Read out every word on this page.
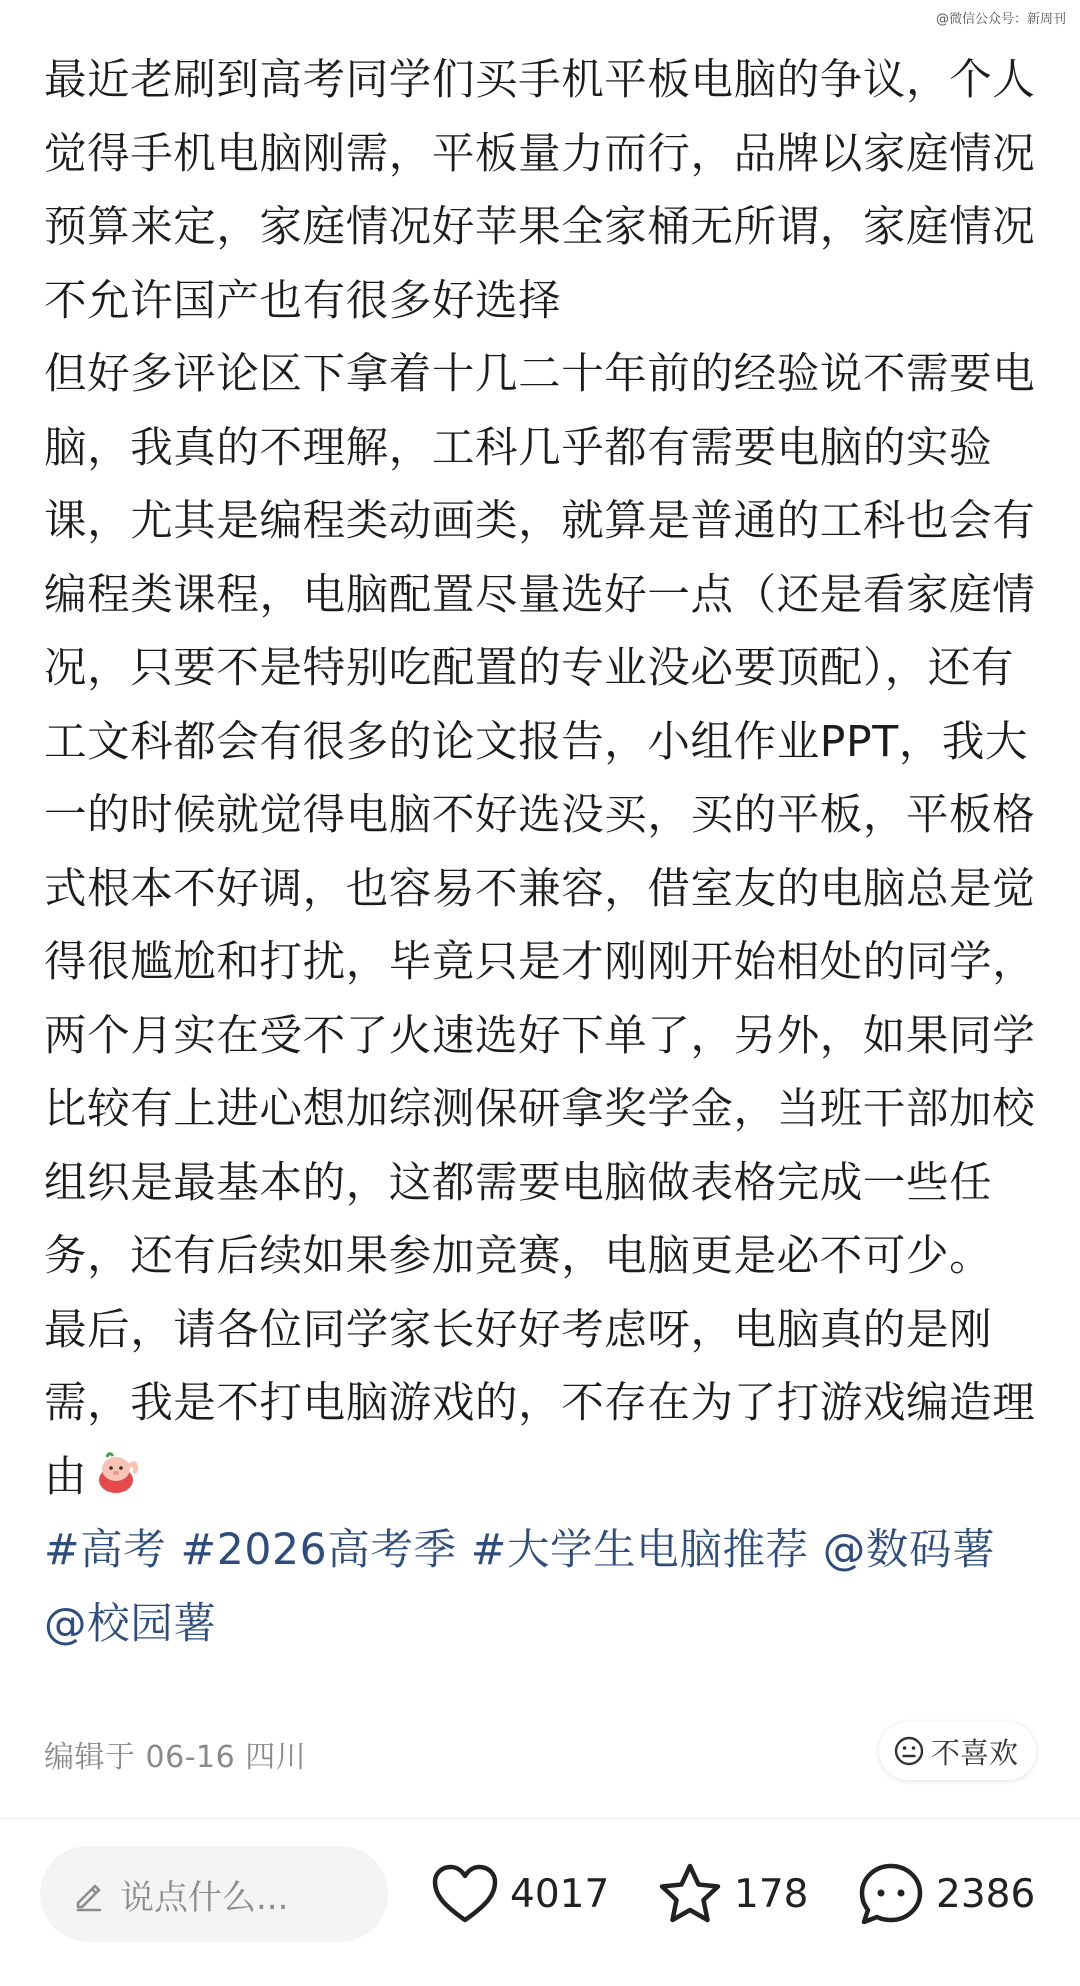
@微信公众号：新周刊

最近老刷到高考同学们买手机平板电脑的争议，个人觉得手机电脑刚需，平板量力而行，品牌以家庭情况预算来定，家庭情况好苹果全家桶无所谓，家庭情况不允许国产也有很多好选择

但好多评论区下拿着十几二十年前的经验说不需要电脑，我真的不理解，工科几乎都有需要电脑的实验课，尤其是编程类动画类，就算是普通的工科也会有编程类课程，电脑配置尽量选好一点（还是看家庭情况，只要不是特别吃配置的专业没必要顶配），还有工文科都会有很多的论文报告，小组作业PPT，我大一的时候就觉得电脑不好选没买，买的平板，平板格式根本不好调，也容易不兼容，借室友的电脑总是觉得很尴尬和打扰，毕竟只是才刚刚开始相处的同学，两个月实在受不了火速选好下单了，另外，如果同学比较有上进心想加综测保研拿奖学金，当班干部加校组织是最基本的，这都需要电脑做表格完成一些任务，还有后续如果参加竞赛，电脑更是必不可少。

最后，请各位同学家长好好考虑呀，电脑真的是刚需，我是不打电脑游戏的，不存在为了打游戏编造理由

#高考 #2026高考季 #大学生电脑推荐 @数码薯 @校园薯

编辑于 06-16 四川	不喜欢
说点什么...	4017	178	2386
